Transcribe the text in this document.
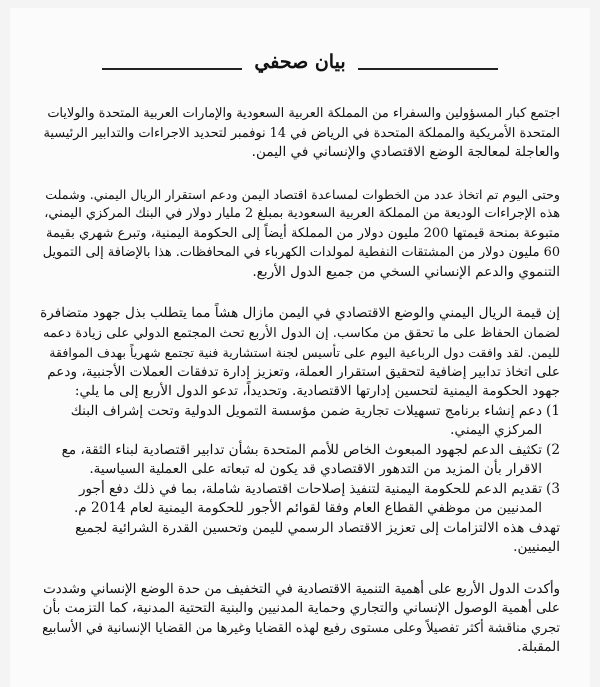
بيان صحفي
اجتمع كبار المسؤولين والسفراء من المملكة العربية السعودية والإمارات العربية المتحدة والولايات
المتحدة الأمريكية والمملكة المتحدة في الرياض في 14 نوفمبر لتحديد الاجراءات والتدابير الرئيسية
والعاجلة لمعالجة الوضع الاقتصادي والإنساني في اليمن.
وحتى اليوم تم اتخاذ عدد من الخطوات لمساعدة اقتصاد اليمن ودعم استقرار الريال اليمني. وشملت
هذه الإجراءات الوديعة من المملكة العربية السعودية بمبلغ 2 مليار دولار في البنك المركزي اليمني،
متبوعة بمنحة قيمتها 200 مليون دولار من المملكة أيضاً إلى الحكومة اليمنية، وتبرع شهري بقيمة
60 مليون دولار من المشتقات النفطية لمولدات الكهرباء في المحافظات. هذا بالإضافة إلى التمويل
التنموي والدعم الإنساني السخي من جميع الدول الأربع.
إن قيمة الريال اليمني والوضع الاقتصادي في اليمن مازال هشاً مما يتطلب بذل جهود متضافرة
لضمان الحفاظ على ما تحقق من مكاسب. إن الدول الأربع تحث المجتمع الدولي على زيادة دعمه
لليمن. لقد وافقت دول الرباعية اليوم على تأسيس لجنة استشارية فنية تجتمع شهرياً بهدف الموافقة
على اتخاذ تدابير إضافية لتحقيق استقرار العملة، وتعزيز إدارة تدفقات العملات الأجنبية، ودعم
جهود الحكومة اليمنية لتحسين إدارتها الاقتصادية. وتحديداً، تدعو الدول الأربع إلى ما يلي:
1)
دعم إنشاء برنامج تسهيلات تجارية ضمن مؤسسة التمويل الدولية وتحت إشراف البنك
المركزي اليمني.
2)
تكثيف الدعم لجهود المبعوث الخاص للأمم المتحدة بشأن تدابير اقتصادية لبناء الثقة، مع
الاقرار بأن المزيد من التدهور الاقتصادي قد يكون له تبعاته على العملية السياسية.
3)
تقديم الدعم للحكومة اليمنية لتنفيذ إصلاحات اقتصادية شاملة، بما في ذلك دفع أجور
المدنيين من موظفي القطاع العام وفقا لقوائم الأجور للحكومة اليمنية لعام 2014 م.
تهدف هذه الالتزامات إلى تعزيز الاقتصاد الرسمي لليمن وتحسين القدرة الشرائية لجميع
اليمنيين.
وأكدت الدول الأربع على أهمية التنمية الاقتصادية في التخفيف من حدة الوضع الإنساني وشددت
على أهمية الوصول الإنساني والتجاري وحماية المدنيين والبنية التحتية المدنية، كما التزمت بأن
تجري مناقشة أكثر تفصيلاً وعلى مستوى رفيع لهذه القضايا وغيرها من القضايا الإنسانية في الأسابيع
المقبلة.
